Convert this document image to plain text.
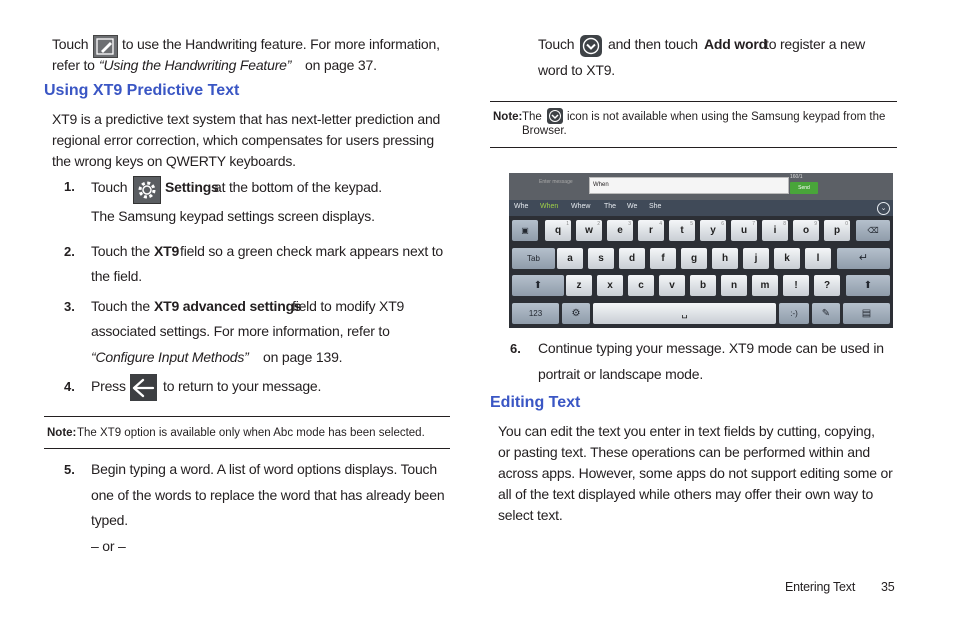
Touch to use the Handwriting feature. For more information,
refer to “Using the Handwriting Feature” on page 37.
Using XT9 Predictive Text
XT9 is a predictive text system that has next-letter prediction and
regional error correction, which compensates for users pressing
the wrong keys on QWERTY keyboards.
1. Touch	Settings
at the bottom of the keypad.
The Samsung keypad settings screen displays.
2. Touch the XT9 field so a green check mark appears next to
the field.
3. Touch the XT9 advanced settings
field to modify XT9
associated settings. For more information, refer to
“Configure Input Methods” on page 139.
4. Press	to return to your message.
Note: The XT9 option is available only when Abc mode has been selected.
5. Begin typing a word. A list of word options displays. Touch
one of the words to replace the word that has already been
typed.
– or –
Touch and then touch Add word
to register a new
word to XT9.
Note: The icon is not available when using the Samsung keypad from the
Browser.
Enter message	When
160/1
Send
Whe When Whew The We She	⌄
▣
1
q
2
w
3
e
4
r
5
t
6
y
7
u
8
i
9
o
0
p	⌫
Tab	a	s	d	f	g	h	j	k	l	↵
⬆	z	x	c	v	b	n	m	!	?	⬆
123	⚙	␣	:-)	✎	▤
6. Continue typing your message. XT9 mode can be used in
portrait or landscape mode.
Editing Text
You can edit the text you enter in text fields by cutting, copying,
or pasting text. These operations can be performed within and
across apps. However, some apps do not support editing some or
all of the text displayed while others may offer their own way to
select text.
Entering Text 35
